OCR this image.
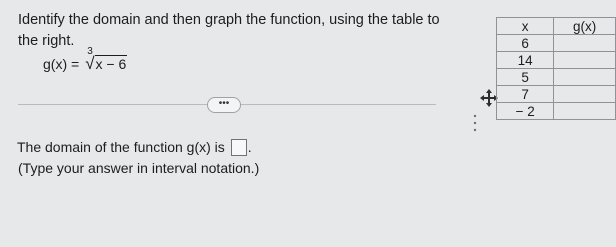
Identify the domain and then graph the function, using the table to the right.
g(x) =
3
√ x − 6
•••
x	g(x)
6	
14	
5	
7	
− 2	
The domain of the function g(x) is .
(Type your answer in interval notation.)
